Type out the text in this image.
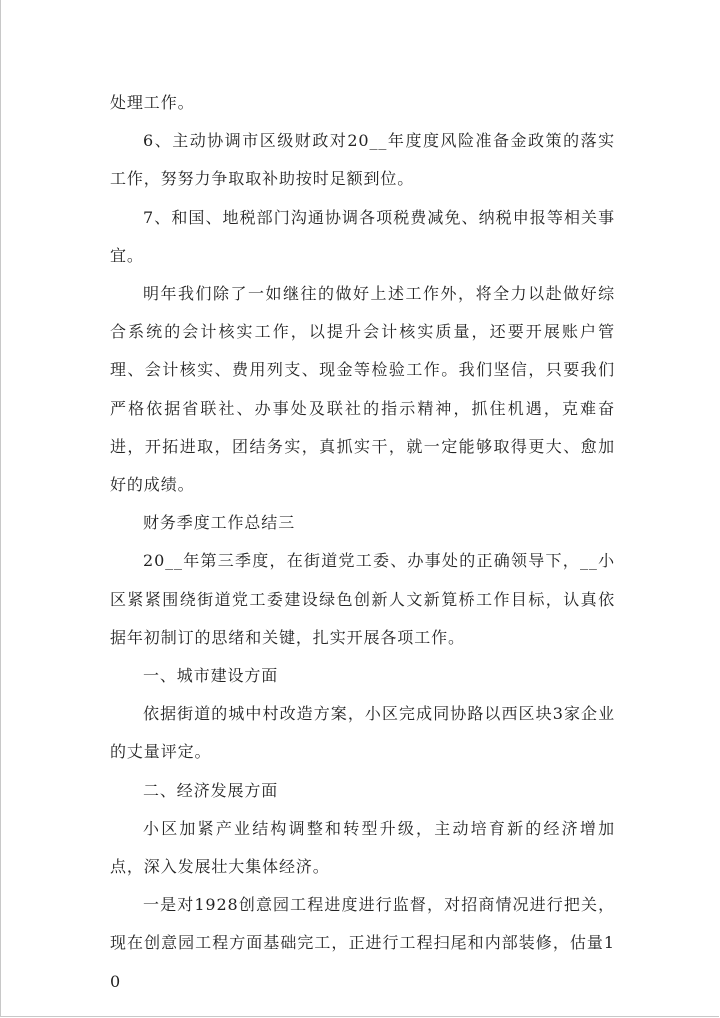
处理工作。

6、主动协调市区级财政对20__年度度风险准备金政策的落实工作，努努力争取取补助按时足额到位。

7、和国、地税部门沟通协调各项税费减免、纳税申报等相关事宜。

明年我们除了一如继往的做好上述工作外，将全力以赴做好综合系统的会计核实工作，以提升会计核实质量，还要开展账户管理、会计核实、费用列支、现金等检验工作。我们坚信，只要我们严格依据省联社、办事处及联社的指示精神，抓住机遇，克难奋进，开拓进取，团结务实，真抓实干，就一定能够取得更大、愈加好的成绩。

财务季度工作总结三

20__年第三季度，在街道党工委、办事处的正确领导下，__小区紧紧围绕街道党工委建设绿色创新人文新筧桥工作目标，认真依据年初制订的思绪和关键，扎实开展各项工作。

一、城市建设方面

依据街道的城中村改造方案，小区完成同协路以西区块3家企业的丈量评定。

二、经济发展方面

小区加紧产业结构调整和转型升级，主动培育新的经济增加点，深入发展壮大集体经济。

一是对1928创意园工程进度进行监督，对招商情况进行把关，现在创意园工程方面基础完工，正进行工程扫尾和内部装修，估量10
